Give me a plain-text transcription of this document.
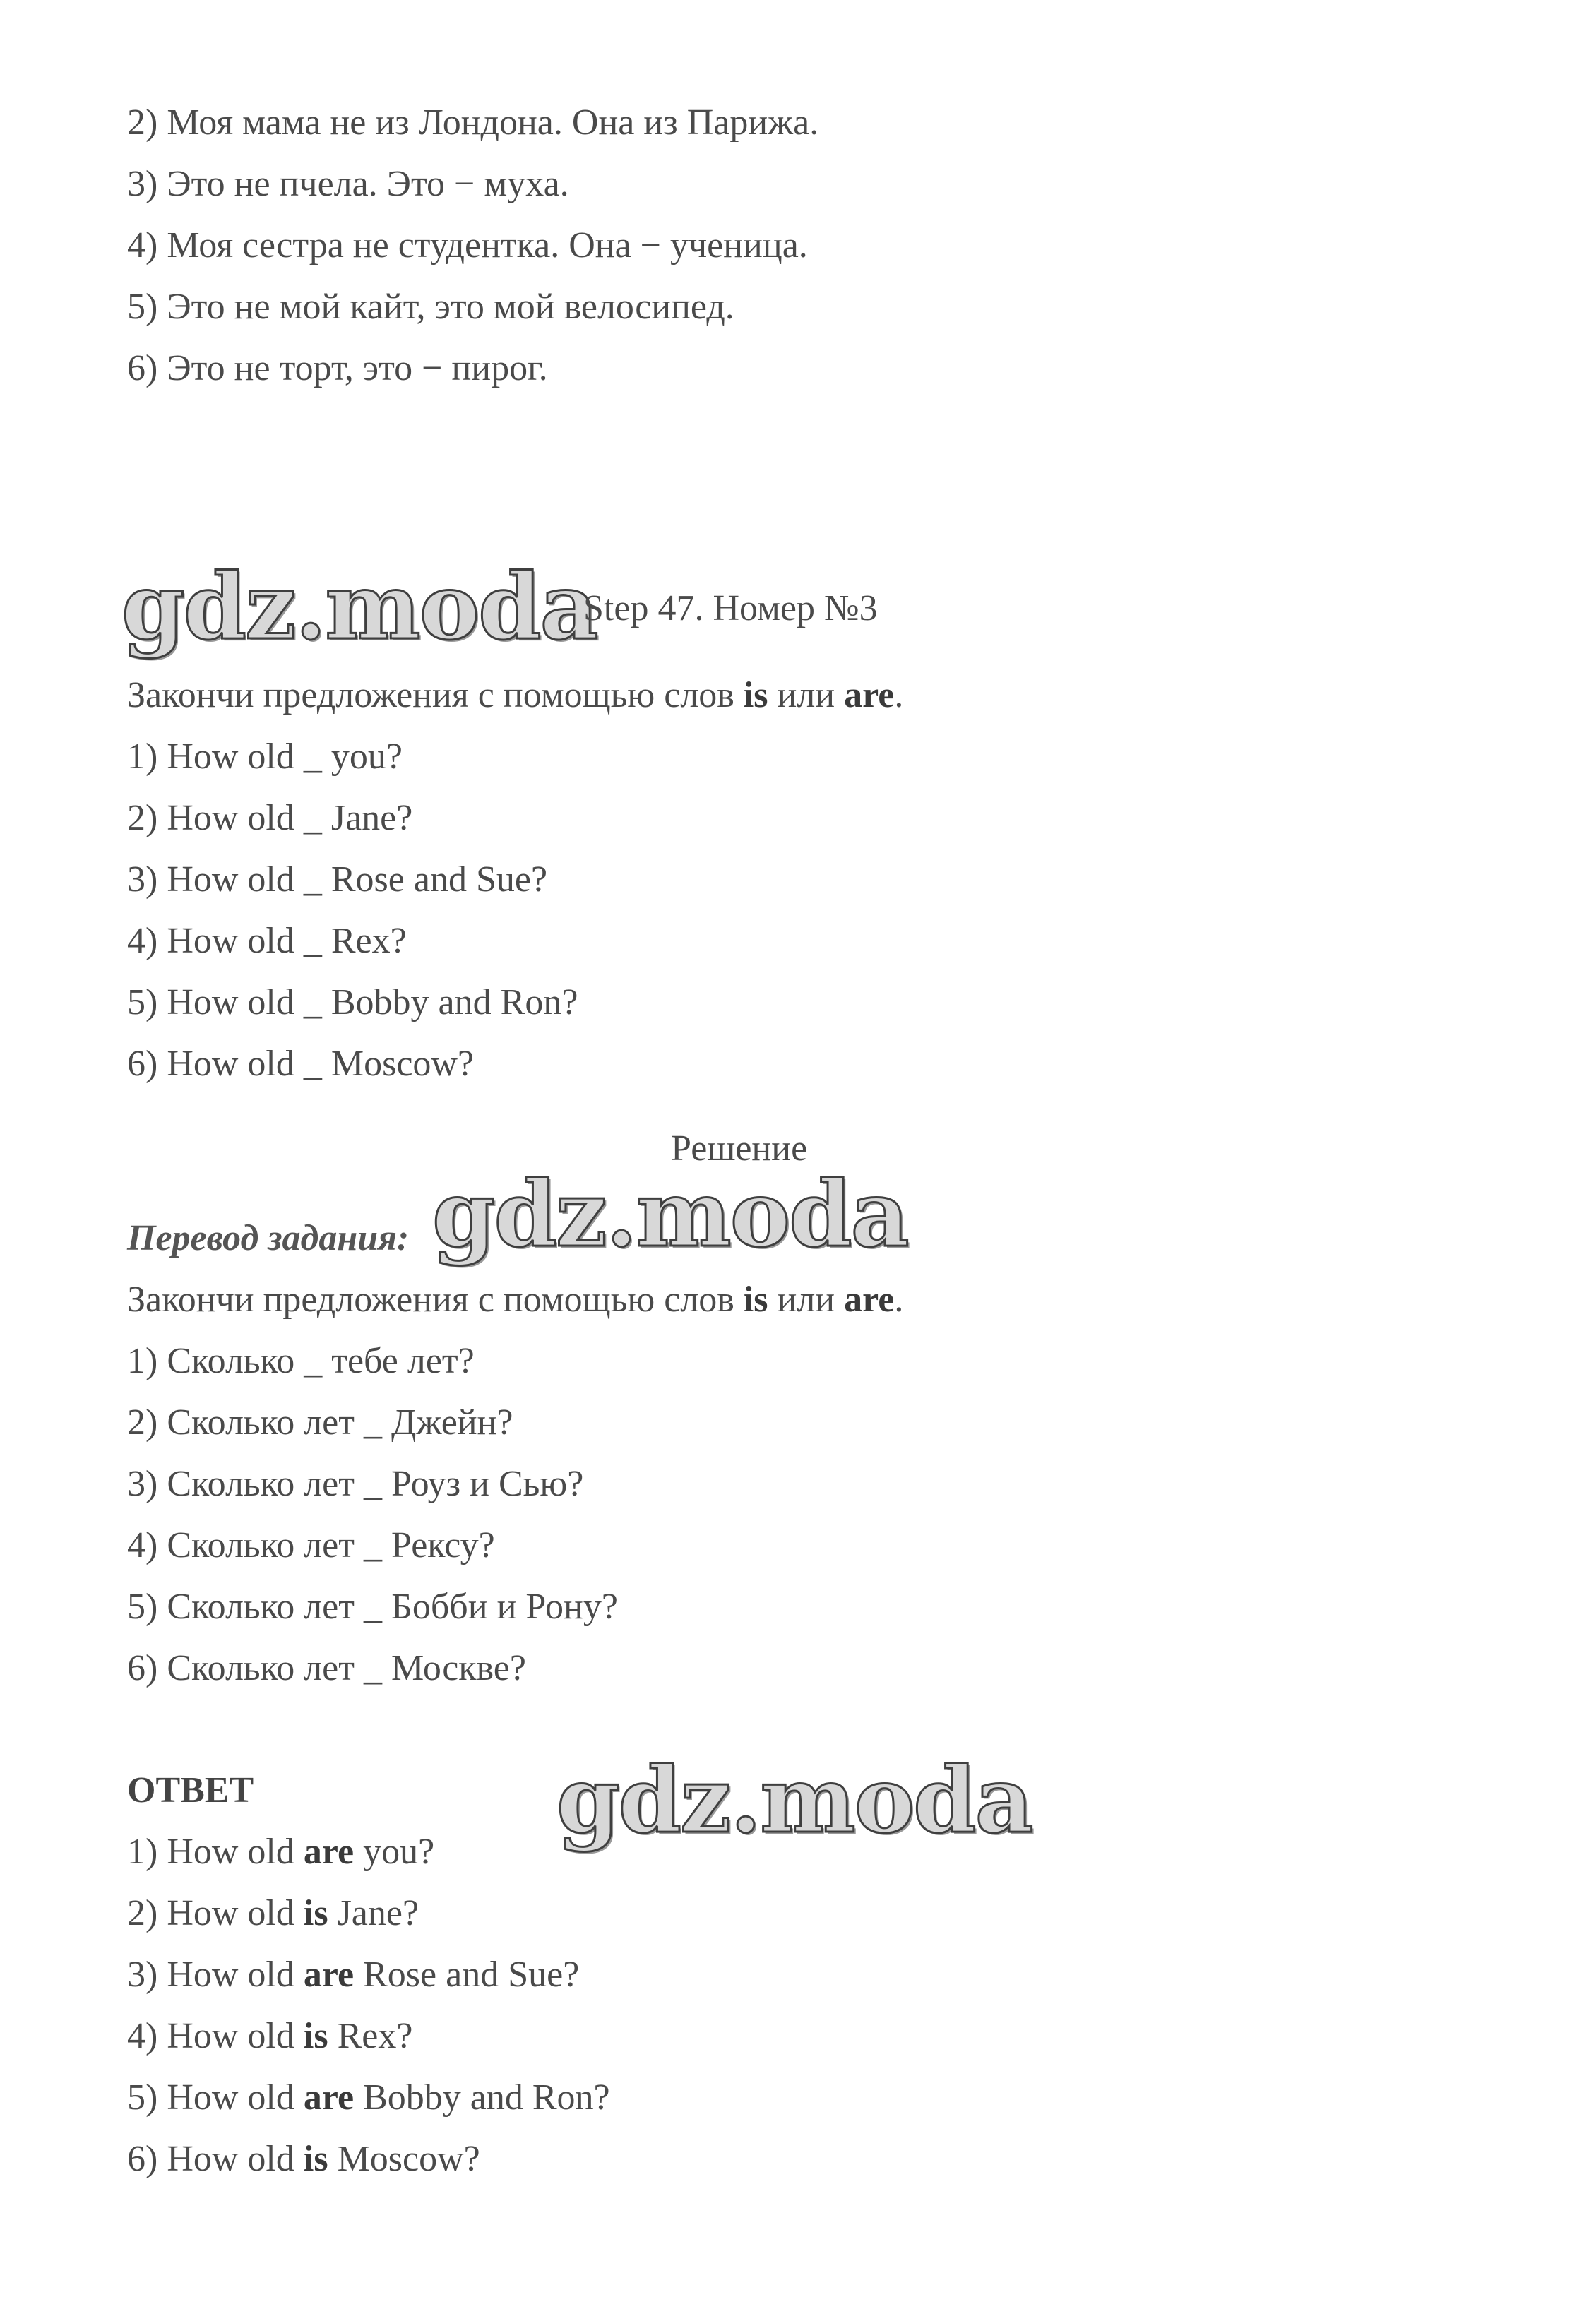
2) Моя мама не из Лондона. Она из Парижа.
3) Это не пчела. Это − муха.
4) Моя сестра не студентка. Она − ученица.
5) Это не мой кайт, это мой велосипед.
6) Это не торт, это − пирог.
gdz.moda
Step 47. Номер №3
Закончи предложения с помощью слов is или are.
1) How old _ you?
2) How old _ Jane?
3) How old _ Rose and Sue?
4) How old _ Rex?
5) How old _ Bobby and Ron?
6) How old _ Moscow?
Решение
Перевод задания: gdz.moda
Закончи предложения с помощью слов is или are.
1) Сколько _ тебе лет?
2) Сколько лет _ Джейн?
3) Сколько лет _ Роуз и Сью?
4) Сколько лет _ Рексу?
5) Сколько лет _ Бобби и Рону?
6) Сколько лет _ Москве?
ОТВЕТ	gdz.moda
1) How old are you?
2) How old is Jane?
3) How old are Rose and Sue?
4) How old is Rex?
5) How old are Bobby and Ron?
6) How old is Moscow?
